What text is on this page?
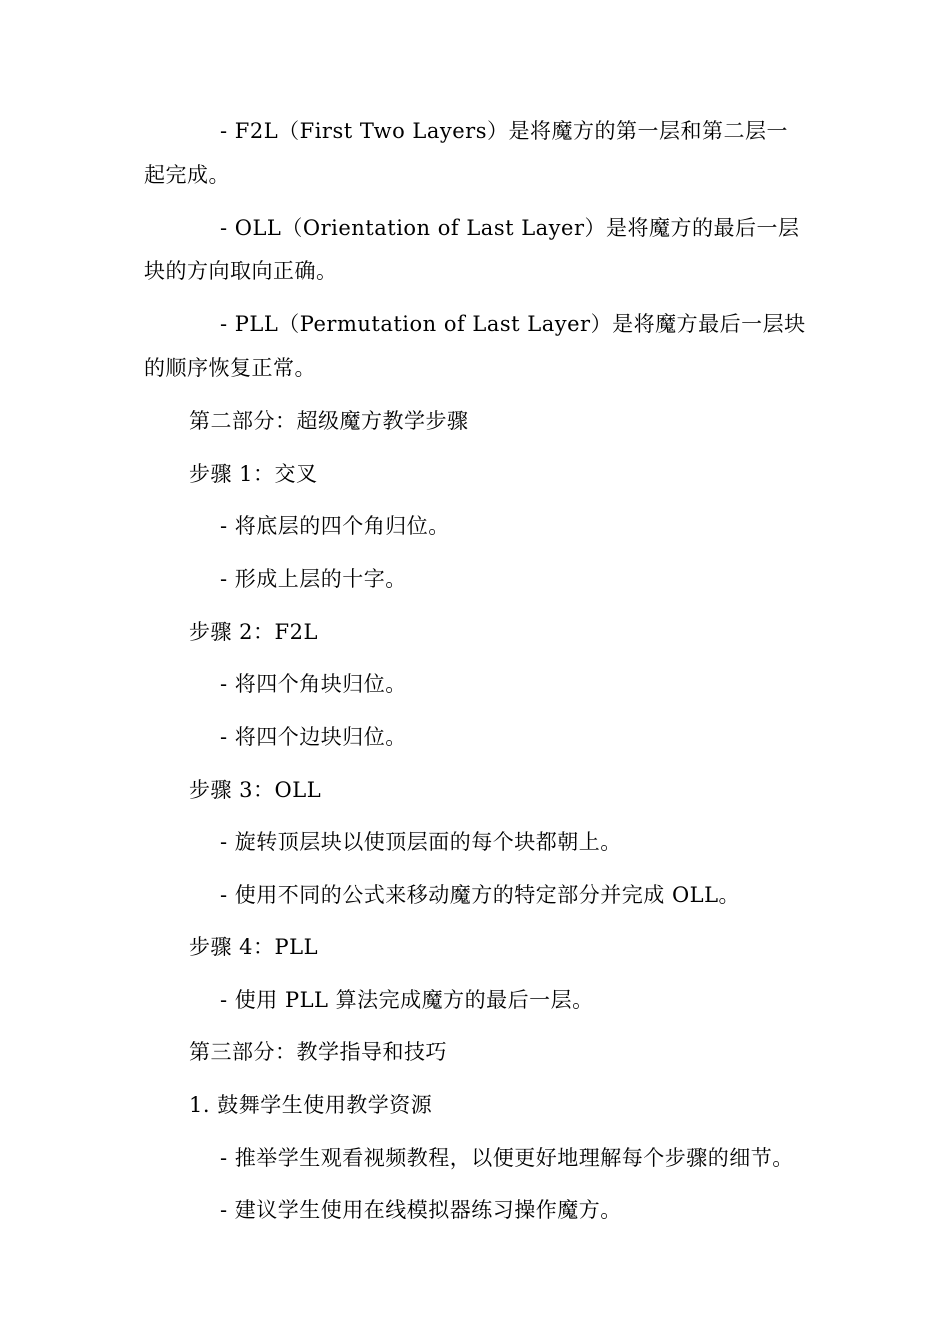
- F2L（First Two Layers）是将魔方的第一层和第二层一
起完成。
- OLL（Orientation of Last Layer）是将魔方的最后一层
块的方向取向正确。
- PLL（Permutation of Last Layer）是将魔方最后一层块
的顺序恢复正常。
第二部分：超级魔方教学步骤
步骤 1：交叉
- 将底层的四个角归位。
- 形成上层的十字。
步骤 2：F2L
- 将四个角块归位。
- 将四个边块归位。
步骤 3：OLL
- 旋转顶层块以使顶层面的每个块都朝上。
- 使用不同的公式来移动魔方的特定部分并完成 OLL。
步骤 4：PLL
- 使用 PLL 算法完成魔方的最后一层。
第三部分：教学指导和技巧
1. 鼓舞学生使用教学资源
- 推举学生观看视频教程，以便更好地理解每个步骤的细节。
- 建议学生使用在线模拟器练习操作魔方。
